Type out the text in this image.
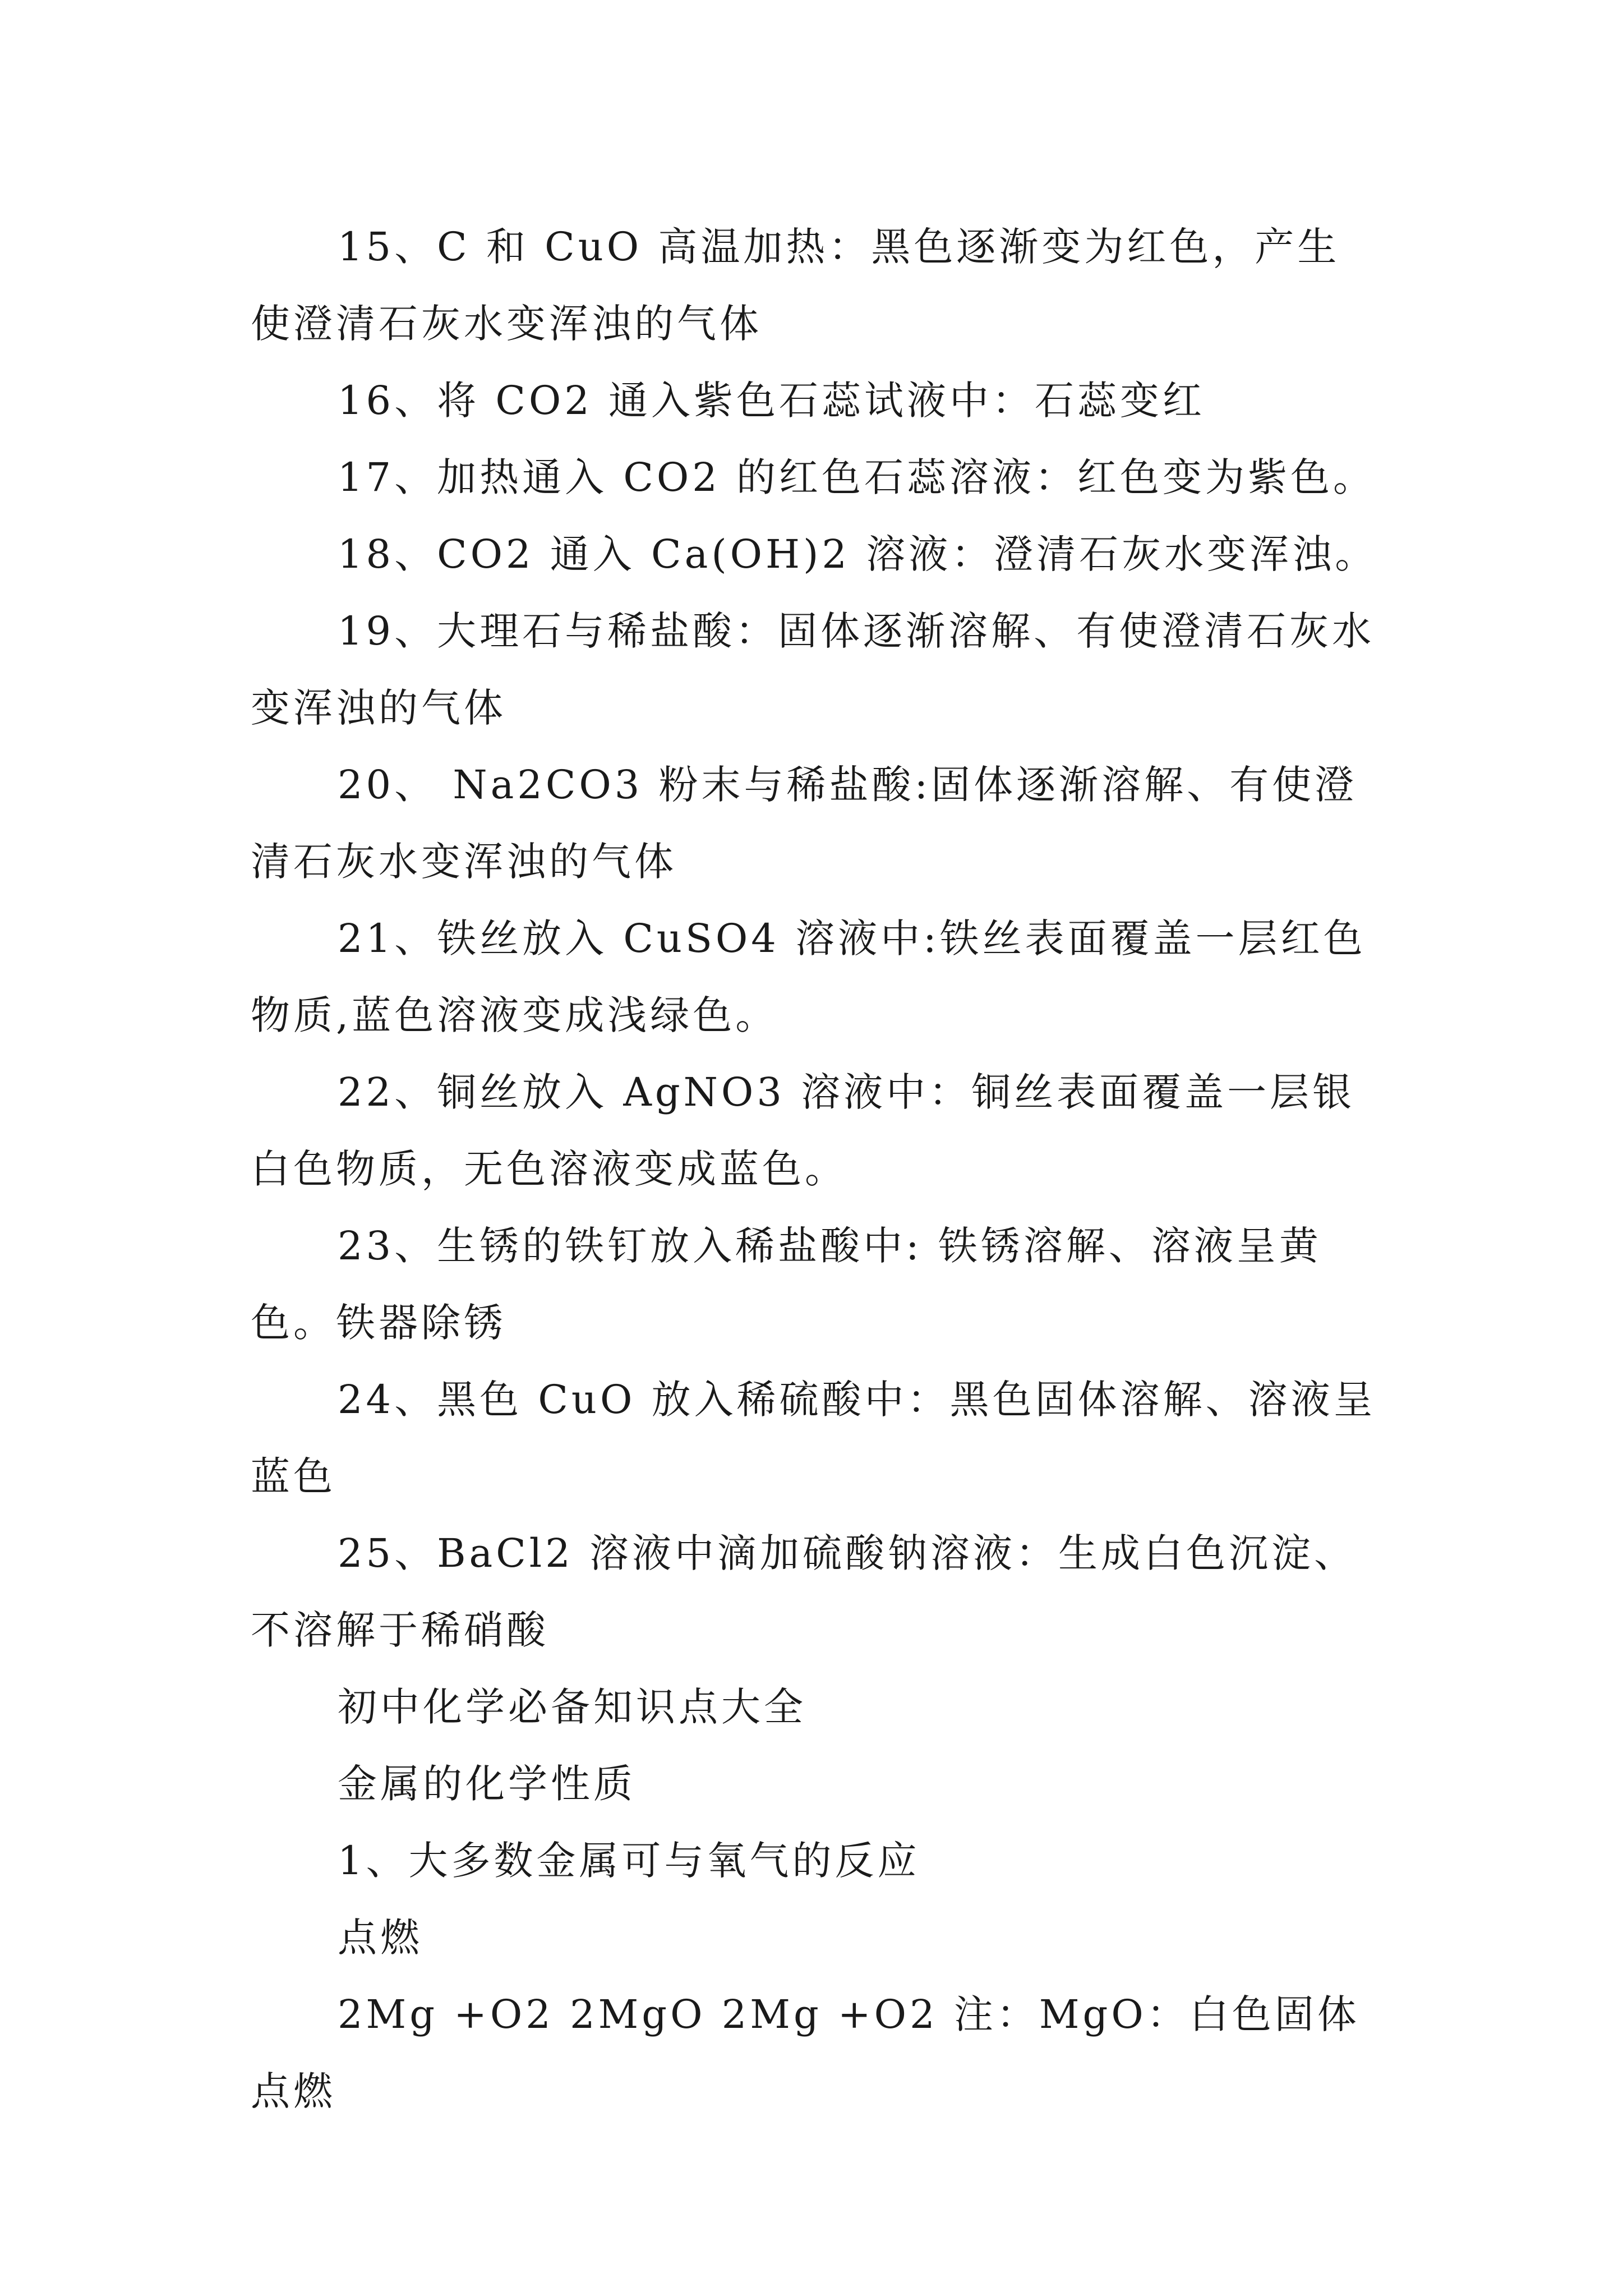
15、C 和 CuO 高温加热：黑色逐渐变为红色，产生使澄清石灰水变浑浊的气体

16、将 CO2 通入紫色石蕊试液中：石蕊变红

17、加热通入 CO2 的红色石蕊溶液：红色变为紫色。

18、CO2 通入 Ca(OH)2 溶液：澄清石灰水变浑浊。

19、大理石与稀盐酸：固体逐渐溶解、有使澄清石灰水变浑浊的气体

20、 Na2CO3 粉末与稀盐酸:固体逐渐溶解、有使澄清石灰水变浑浊的气体

21、铁丝放入 CuSO4 溶液中:铁丝表面覆盖一层红色物质,蓝色溶液变成浅绿色。

22、铜丝放入 AgNO3 溶液中：铜丝表面覆盖一层银白色物质，无色溶液变成蓝色。

23、生锈的铁钉放入稀盐酸中: 铁锈溶解、溶液呈黄色。铁器除锈

24、黑色 CuO 放入稀硫酸中：黑色固体溶解、溶液呈蓝色

25、BaCl2 溶液中滴加硫酸钠溶液：生成白色沉淀、不溶解于稀硝酸

初中化学必备知识点大全

金属的化学性质

1、大多数金属可与氧气的反应

点燃

2Mg +O2 2MgO 2Mg +O2 注：MgO：白色固体 点燃
